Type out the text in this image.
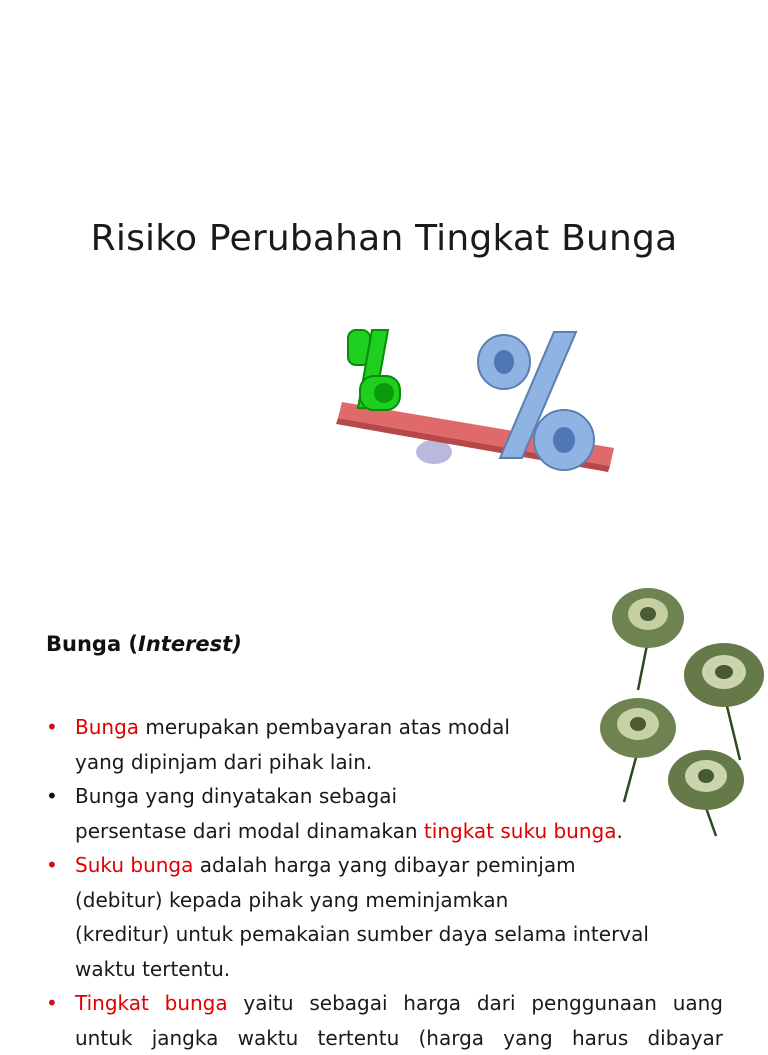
Risiko Perubahan Tingkat Bunga
Bunga (Interest)
• Bunga merupakan pembayaran atas modal
yang dipinjam dari pihak lain.
• Bunga yang dinyatakan sebagai
persentase dari modal dinamakan tingkat suku bunga.
• Suku bunga adalah harga yang dibayar peminjam
(debitur) kepada pihak yang meminjamkan
(kreditur) untuk pemakaian sumber daya selama interval
waktu tertentu.
• Tingkat bunga yaitu sebagai harga dari penggunaan uang
untuk jangka waktu tertentu (harga yang harus dibayar
